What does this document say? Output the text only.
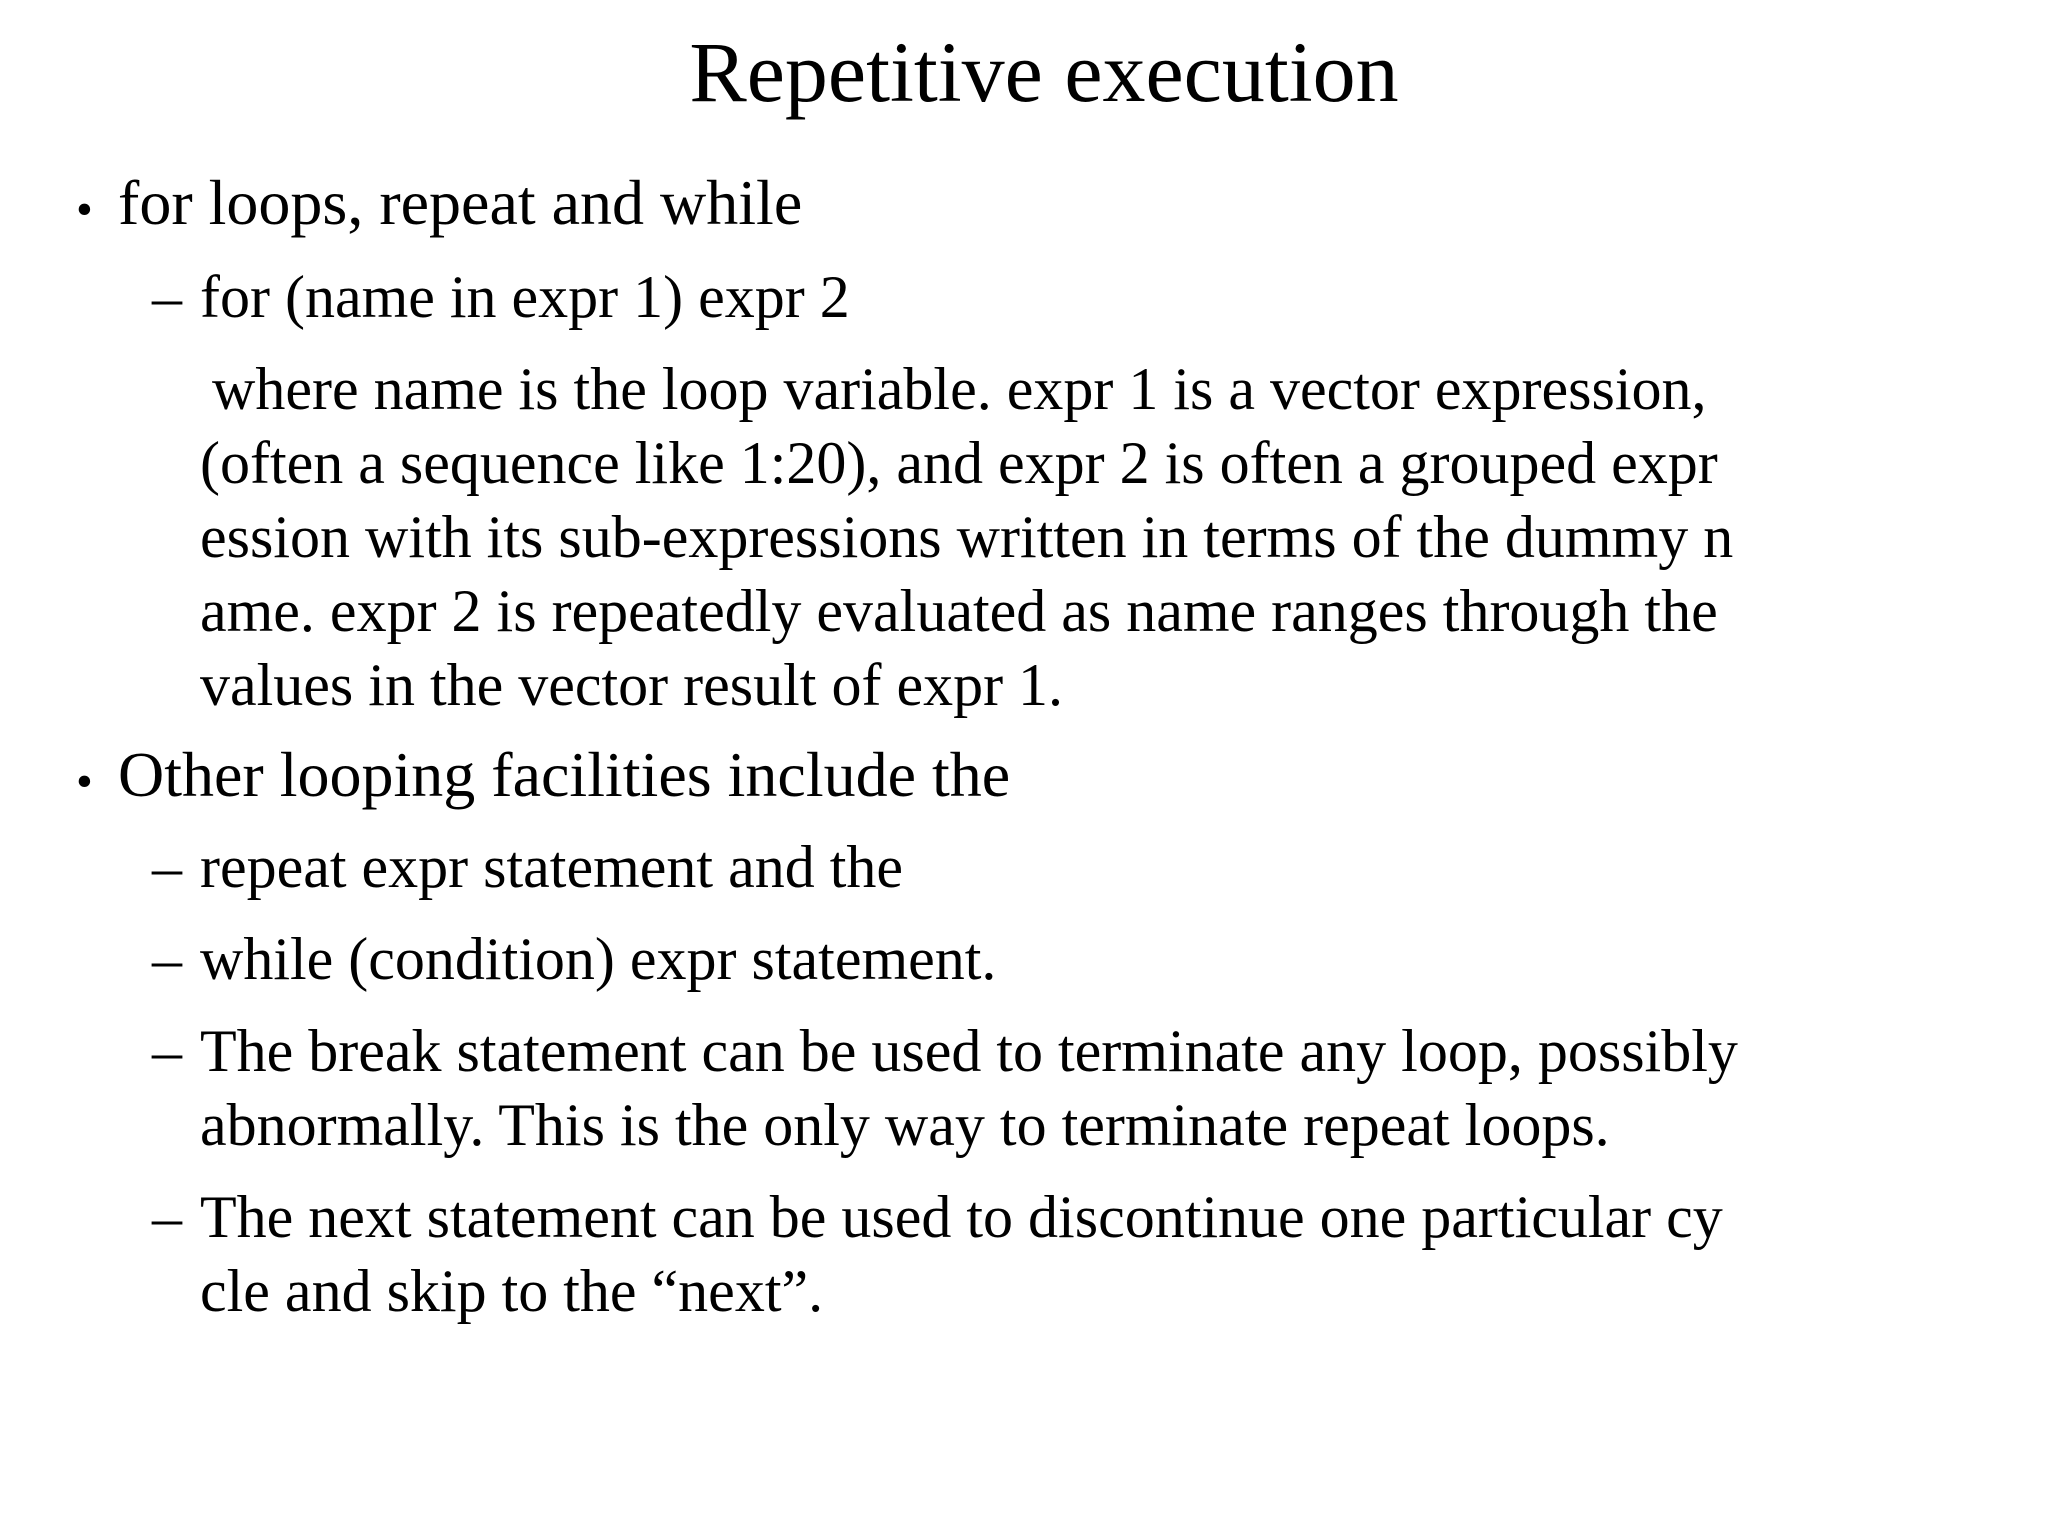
Repetitive execution
• for loops, repeat and while

– for (name in expr 1) expr 2

where name is the loop variable. expr 1 is a vector expression,

(often a sequence like 1:20), and expr 2 is often a grouped expr

ession with its sub-expressions written in terms of the dummy n

ame. expr 2 is repeatedly evaluated as name ranges through the

values in the vector result of expr 1.

• Other looping facilities include the

– repeat expr statement and the

– while (condition) expr statement.

– The break statement can be used to terminate any loop, possibly

abnormally. This is the only way to terminate repeat loops.

– The next statement can be used to discontinue one particular cy

cle and skip to the “next”.
